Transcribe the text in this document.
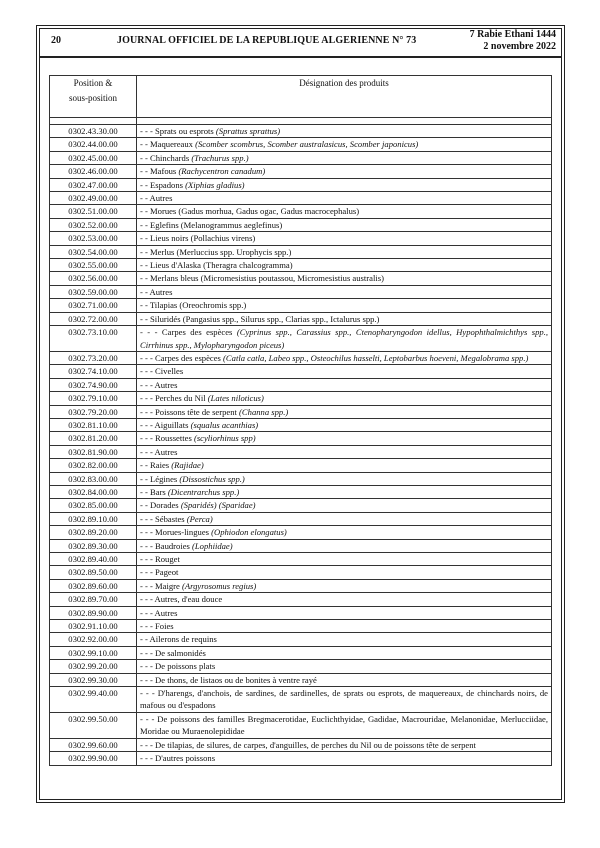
20	JOURNAL OFFICIEL DE LA REPUBLIQUE ALGERIENNE N° 73
7 Rabie Ethani 1444
2 novembre 2022
Position &
sous-position	Désignation des produits

0302.43.30.00	- - - Sprats ou esprots (Sprattus sprattus)
0302.44.00.00	- - Maquereaux (Scomber scombrus, Scomber australasicus, Scomber japonicus)
0302.45.00.00	- - Chinchards (Trachurus spp.)
0302.46.00.00	- - Mafous (Rachycentron canadum)
0302.47.00.00	- - Espadons (Xiphias gladius)
0302.49.00.00	- - Autres
0302.51.00.00	- - Morues (Gadus morhua, Gadus ogac, Gadus macrocephalus)
0302.52.00.00	- - Eglefins (Melanogrammus aeglefinus)
0302.53.00.00	- - Lieus noirs (Pollachius virens)
0302.54.00.00	- - Merlus (Merluccius spp. Urophycis spp.)
0302.55.00.00	- - Lieus d'Alaska (Theragra chalcogramma)
0302.56.00.00	- - Merlans bleus (Micromesistius poutassou, Micromesistius australis)
0302.59.00.00	- - Autres
0302.71.00.00	- - Tilapias (Oreochromis spp.)
0302.72.00.00	- - Siluridés (Pangasius spp., Silurus spp., Clarias spp., Ictalurus spp.)
0302.73.10.00	- - - Carpes des espèces (Cyprinus spp., Carassius spp., Ctenopharyngodon idellus, Hypophthalmichthys spp., Cirrhinus spp., Mylopharyngodon piceus)
0302.73.20.00	- - - Carpes des espèces (Catla catla, Labeo spp., Osteochilus hasselti, Leptobarbus hoeveni, Megalobrama spp.)
0302.74.10.00	- - - Civelles
0302.74.90.00	- - - Autres
0302.79.10.00	- - - Perches du Nil (Lates niloticus)
0302.79.20.00	- - - Poissons tête de serpent (Channa spp.)
0302.81.10.00	- - - Aiguillats (squalus acanthias)
0302.81.20.00	- - - Roussettes (scyliorhinus spp)
0302.81.90.00	- - - Autres
0302.82.00.00	- - Raies (Rajidae)
0302.83.00.00	- - Légines (Dissostichus spp.)
0302.84.00.00	- - Bars (Dicentrarchus spp.)
0302.85.00.00	- - Dorades (Sparidés) (Sparidae)
0302.89.10.00	- - - Sébastes (Perca)
0302.89.20.00	- - - Morues-lingues (Ophiodon elongatus)
0302.89.30.00	- - - Baudroies (Lophiidae)
0302.89.40.00	- - - Rouget
0302.89.50.00	- - - Pageot
0302.89.60.00	- - - Maigre (Argyrosomus regius)
0302.89.70.00	- - - Autres, d'eau douce
0302.89.90.00	- - - Autres
0302.91.10.00	- - - Foies
0302.92.00.00	- - Ailerons de requins
0302.99.10.00	- - - De salmonidés
0302.99.20.00	- - - De poissons plats
0302.99.30.00	- - - De thons, de listaos ou de bonites à ventre rayé
0302.99.40.00	- - - D'harengs, d'anchois, de sardines, de sardinelles, de sprats ou esprots, de maquereaux, de chinchards noirs, de mafous ou d'espadons
0302.99.50.00	- - - De poissons des familles Bregmacerotidae, Euclichthyidae, Gadidae, Macrouridae, Melanonidae, Merlucciidae, Moridae ou Muraenolepididae
0302.99.60.00	- - - De tilapias, de silures, de carpes, d'anguilles, de perches du Nil ou de poissons tête de serpent
0302.99.90.00	- - - D'autres poissons
